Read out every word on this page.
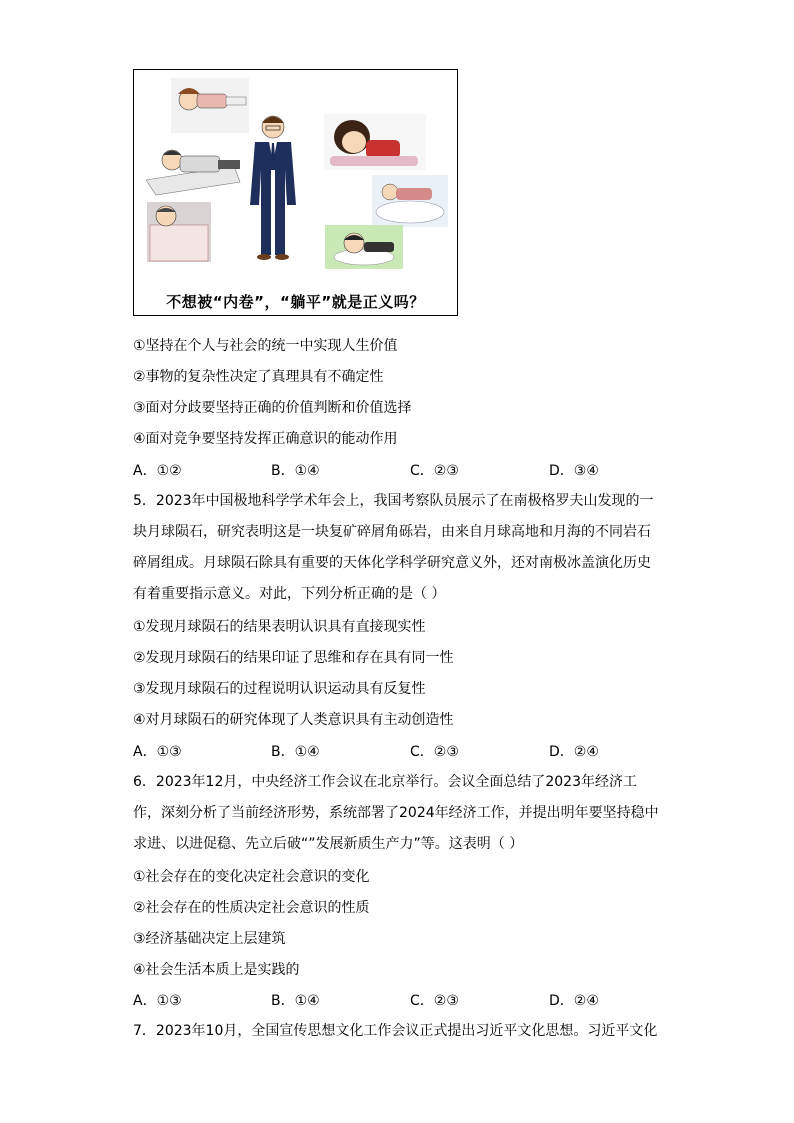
不想被“内卷”，“躺平”就是正义吗？
①坚持在个人与社会的统一中实现人生价值
②事物的复杂性决定了真理具有不确定性
③面对分歧要坚持正确的价值判断和价值选择
④面对竞争要坚持发挥正确意识的能动作用
A．①②	B．①④	C．②③	D．③④
5．2023年中国极地科学学术年会上，我国考察队员展示了在南极格罗夫山发现的一块月球陨石，研究表明这是一块复矿碎屑角砾岩，由来自月球高地和月海的不同岩石碎屑组成。月球陨石除具有重要的天体化学科学研究意义外，还对南极冰盖演化历史有着重要指示意义。对此，下列分析正确的是（ ）
①发现月球陨石的结果表明认识具有直接现实性
②发现月球陨石的结果印证了思维和存在具有同一性
③发现月球陨石的过程说明认识运动具有反复性
④对月球陨石的研究体现了人类意识具有主动创造性
A．①③	B．①④	C．②③	D．②④
6．2023年12月，中央经济工作会议在北京举行。会议全面总结了2023年经济工作，深刻分析了当前经济形势，系统部署了2024年经济工作，并提出明年要坚持稳中求进、以进促稳、先立后破“”发展新质生产力”等。这表明（ ）
①社会存在的变化决定社会意识的变化
②社会存在的性质决定社会意识的性质
③经济基础决定上层建筑
④社会生活本质上是实践的
A．①③	B．①④	C．②③	D．②④
7．2023年10月，全国宣传思想文化工作会议正式提出习近平文化思想。习近平文化
